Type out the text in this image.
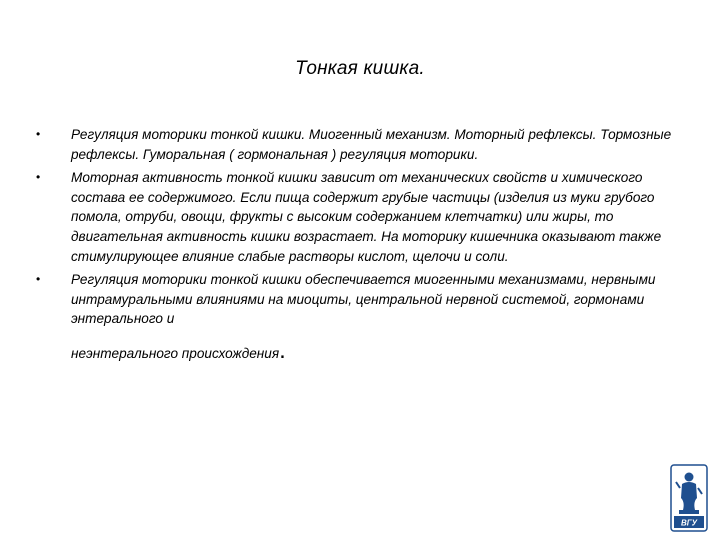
Тонкая кишка.
• Регуляция моторики тонкой кишки. Миогенный механизм. Моторный рефлексы. Тормозные рефлексы. Гуморальная ( гормональная ) регуляция моторики.
• Моторная активность тонкой кишки зависит от механических свойств и химического состава ее содержимого. Если пища содержит грубые частицы (изделия из муки грубого помола, отруби, овощи, фрукты с высоким содержанием клетчатки) или жиры, то двигательная активность кишки возрастает. На моторику кишечника оказывают также стимулирующее влияние слабые растворы кислот, щелочи и соли.
• Регуляция моторики тонкой кишки обеспечивается миогенными механизмами, нервными интрамуральными влияниями на миоциты, центральной нервной системой, гормонами энтерального и
неэнтерального происхождения.
ВГУ
